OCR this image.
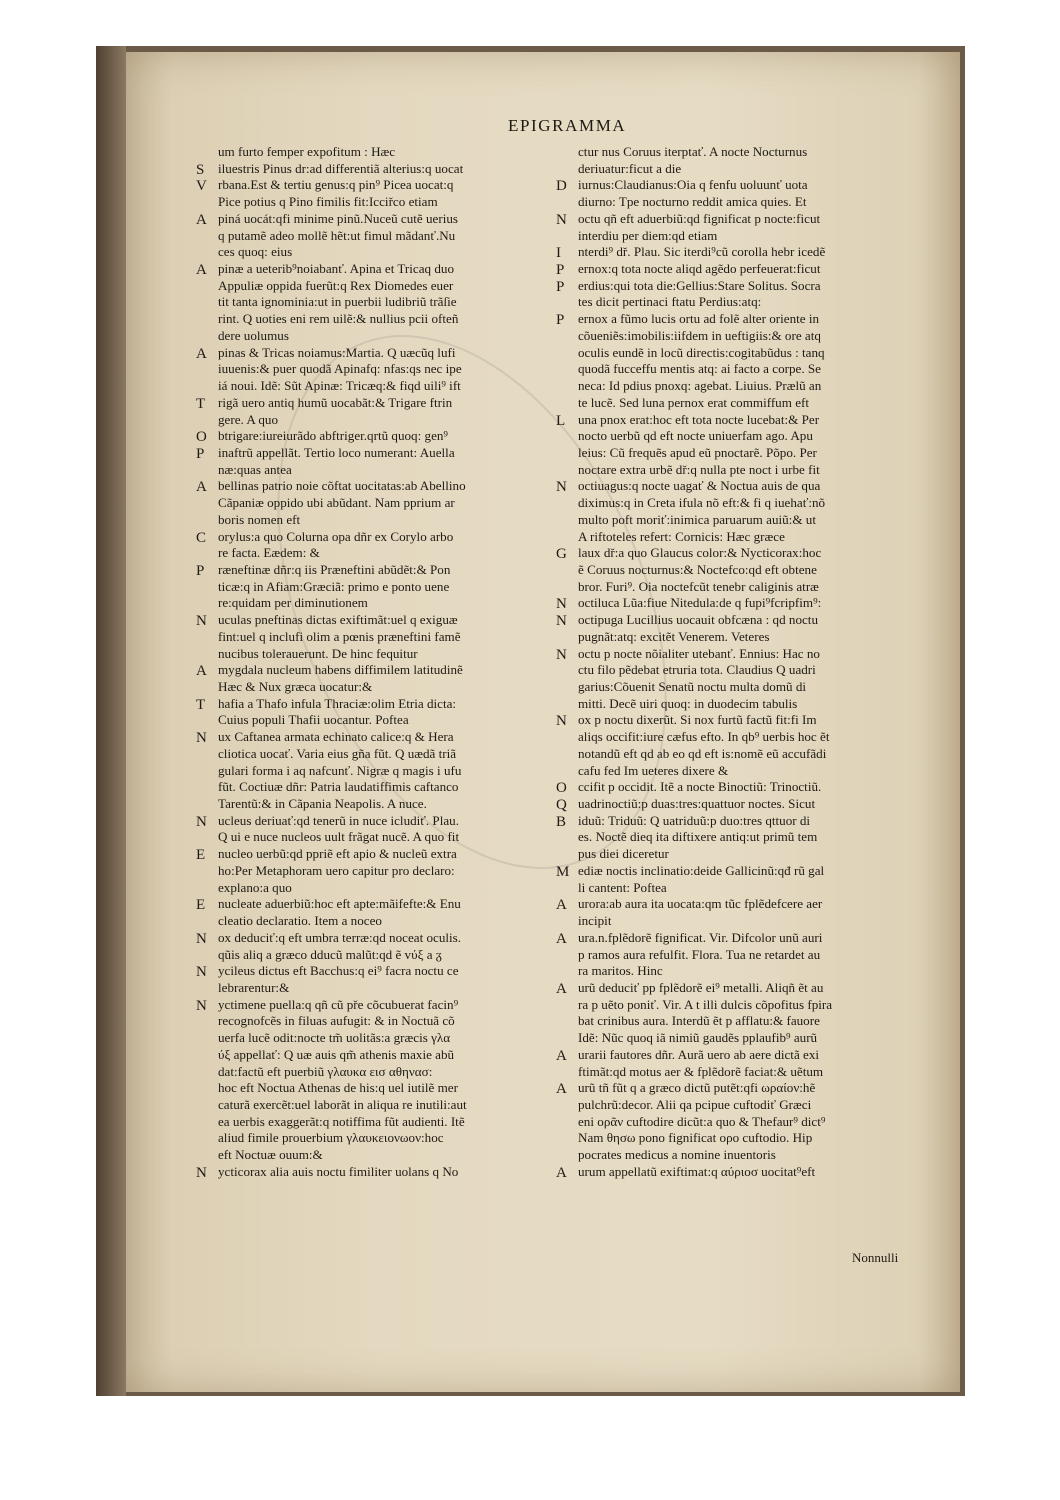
EPIGRAMMA
um furto femper expofitum : Hæc
S	iluestris Pinus dr:ad differentiã alterius:q uocat
V rbana.Est & tertiu genus:q pin⁹ Picea uocat:q
Pice potius q Pino fimilis fit:Icciřco etiam
A piná uocát:qfi minime pinũ.Nuceũ cutẽ uerius
q putamẽ adeo mollẽ hẽt:ut fimul mãdanť.Nu
ces quoq: eius
A pinæ a ueterib⁹noiabanť. Apina et Tricaq duo
Appuliæ oppida fuerũt:q Rex Diomedes euer
tit tanta ignominia:ut in puerbii ludibriũ trãſie
rint. Q uoties eni rem uilẽ:& nullius pcii ofteñ
dere uolumus
A pinas & Tricas noiamus:Martia. Q uæcũq lufi
iuuenis:& puer quodã Apinafq: nfas:qs nec ipe
iá noui. Idẽ: Sũt Apinæ: Tricæq:& fiqd uili⁹ ift
T rigã uero antiq humũ uocabãt:& Trigare ftrin
gere. A quo
O btrigare:iureiurãdo abftriger.qrtũ quoq: gen⁹
P	inaftrũ appellãt. Tertio loco numerant: Auella
næ:quas antea
A bellinas patrio noie cõftat uocitatas:ab Abellino
Cãpaniæ oppido ubi abũdant. Nam pprium ar
boris nomen eft
C orylus:a quo Colurna opa dñr ex Corylo arbo
re facta. Eædem: &
P	ræneftinæ dñr:q iis Præneftini abũdẽt:& Pon
ticæ:q in Afiam:Græciã: primo e ponto uene
re:quidam per diminutionem
N uculas pneftinas dictas exiftimãt:uel q exiguæ
fint:uel q inclufi olim a pœnis præneftini famẽ
nucibus tolerauerunt. De hinc fequitur
A mygdala nucleum habens diffimilem latitudinẽ
Hæc & Nux græca uocatur:&
T hafia a Thafo infula Thraciæ:olim Etria dicta:
Cuius populi Thafii uocantur. Poftea
N ux Caftanea armata echinato calice:q & Hera
cliotica uocať. Varia eius gña fũt. Q uædã triã
gulari forma i aq nafcunť. Nigræ q magis i ufu
fũt. Coctiuæ dñr: Patria laudatiffimis caftanco
Tarentũ:& in Cãpania Neapolis. A nuce.
N ucleus deriuať:qd tenerũ in nuce icludiť. Plau.
Q ui e nuce nucleos uult frãgat nucẽ. A quo fit
E nucleo uerbũ:qd ppriẽ eft apio & nucleũ extra
ho:Per Metaphoram uero capitur pro declaro:
explano:a quo
E nucleate aduerbiũ:hoc eft apte:mãifefte:& Enu
cleatio declaratio. Item a noceo
N ox deduciť:q eft umbra terræ:qd noceat oculis.
qũis aliq a græco dducũ malũt:qd ẽ vύξ a ᵹ
N ycileus dictus eft Bacchus:q ei⁹ facra noctu ce
lebrarentur:&
N yctimene puella:q qñ cũ pře cõcubuerat facin⁹
recognofcẽs in filuas aufugit: & in Noctuã cõ
uerfa lucẽ odit:nocte tm̃ uolitãs:a græcis γλα
ύξ appellať: Q uæ auis qm̃ athenis maxie abũ
dat:factũ eft puerbiũ γλαυκα εισ αθηνασ:
hoc eft Noctua Athenas de his:q uel iutilẽ mer
caturã exercẽt:uel laborãt in aliqua re inutili:aut
ea uerbis exaggerãt:q notiffima fũt audienti. Itẽ
aliud fimile prouerbium γλαυκειονωον:hoc
eft Noctuæ ouum:&
N ycticorax alia auis noctu fimiliter uolans q No
ctur nus Coruus iterptať. A nocte Nocturnus
deriuatur:ficut a die
D iurnus:Claudianus:Oia q fenfu uoluunť uota
diurno: Tpe nocturno reddit amica quies. Et
N octu qñ eft aduerbiũ:qd fignificat p nocte:ficut
interdiu per diem:qd etiam
I	nterdi⁹ dř. Plau. Sic iterdi⁹cũ corolla hebr icedẽ
P	ernox:q tota nocte aliqd agẽdo perfeuerat:ficut
P	erdius:qui tota die:Gellius:Stare Solitus. Socra
tes dicit pertinaci ftatu Perdius:atq:
P	ernox a fũmo lucis ortu ad folẽ alter oriente in
cõueniẽs:imobilis:iifdem in ueftigiis:& ore atq
oculis eundẽ in locũ directis:cogitabũdus : tanq
quodã fucceffu mentis atq: ai facto a corpe. Se
neca: Id pdius pnoxq: agebat. Liuius. Prælũ an
te lucẽ. Sed luna pernox erat commiffum eft
L una pnox erat:hoc eft tota nocte lucebat:& Per
nocto uerbũ qd eft nocte uniuerfam ago. Apu
leius: Cũ frequẽs apud eũ pnoctarẽ. Põpo. Per
noctare extra urbẽ dř:q nulla pte noct i urbe fit
N octiuagus:q nocte uagať & Noctua auis de qua
diximus:q in Creta ifula nõ eft:& fi q iuehať:nõ
multo poft moriť:inimica paruarum auiũ:& ut
A riftoteles refert: Cornicis: Hæc græce
G laux dř:a quo Glaucus color:& Nycticorax:hoc
ẽ Coruus nocturnus:& Noctefco:qd eft obtene
bror. Furi⁹. Oia noctefcũt tenebr caliginis atræ
N octiluca Lũa:fiue Nitedula:de q fupi⁹fcripfim⁹:
N octipuga Lucillius uocauit obfcæna : qd noctu
pugnãt:atq: excitẽt Venerem. Veteres
N octu p nocte nõialiter utebanť. Ennius: Hac no
ctu filo pẽdebat etruria tota. Claudius Q uadri
garius:Cõuenit Senatũ noctu multa domũ di
mitti. Decẽ uiri quoq: in duodecim tabulis
N ox p noctu dixerũt. Si nox furtũ factũ fit:fi Im
aliqs occifit:iure cæfus efto. In qb⁹ uerbis hoc ẽt
notandũ eft qd ab eo qd eft is:nomẽ eũ accufãdi
cafu fed Im ueteres dixere &
O ccifit p occidit. Itẽ a nocte Binoctiũ: Trinoctiũ.
Q uadrinoctiũ:p duas:tres:quattuor noctes. Sicut
B iduũ: Triduũ: Q uatriduũ:p duo:tres qttuor di
es. Noctẽ dieq ita diftixere antiq:ut primũ tem
pus diei diceretur
M ediæ noctis inclinatio:deide Gallicinũ:qđ rũ gal
li cantent: Poftea
A urora:ab aura ita uocata:qm tũc fplẽdefcere aer
incipit
A ura.n.fplẽdorẽ fignificat. Vir. Difcolor unũ auri
p ramos aura refulfit. Flora. Tua ne retardet au
ra maritos. Hinc
A urũ deduciť pp fplẽdorẽ ei⁹ metalli. Aliqñ ẽt au
ra p uẽto poniť. Vir. A t illi dulcis cõpofitus fpira
bat crinibus aura. Interdũ ẽt p afflatu:& fauore
Idẽ: Nũc quoq iã nimiũ gaudẽs pplaufib⁹ aurũ
A urarii fautores dñr. Aurã uero ab aere dictã exi
ftimãt:qd motus aer & fplẽdorẽ faciat:& uẽtum
A urũ tñ fũt q a græco dictũ putẽt:qfi ωραίον:hẽ
pulchrũ:decor. Alii qa pcipue cuftodiť Græci
eni ορᾶν cuftodire dicũt:a quo & Thefaur⁹ dict⁹
Nam θησω pono fignificat ορο cuftodio. Hip
pocrates medicus a nomine inuentoris
A urum appellatũ exiftimat:q αύριοσ uocitat⁹eft
Nonnulli
